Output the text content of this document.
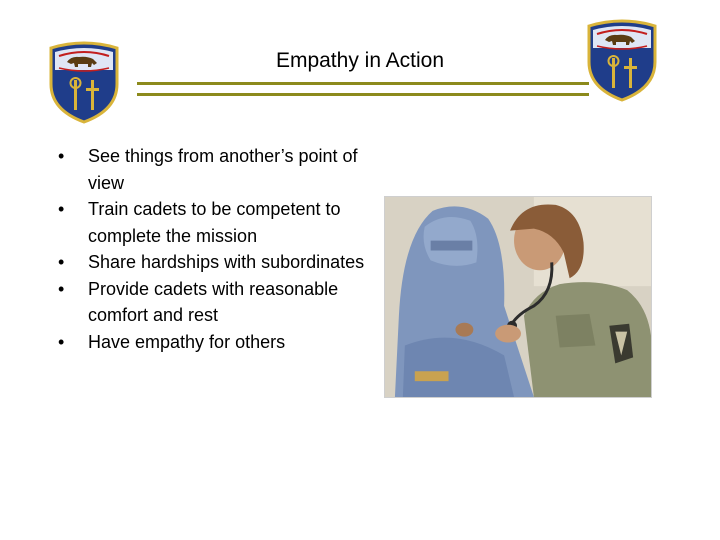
Empathy in Action
•	See things from another’s point of view
•	Train cadets to be competent to complete the mission
•	Share hardships with subordinates
•	Provide cadets with reasonable comfort and rest
•	Have empathy for others
